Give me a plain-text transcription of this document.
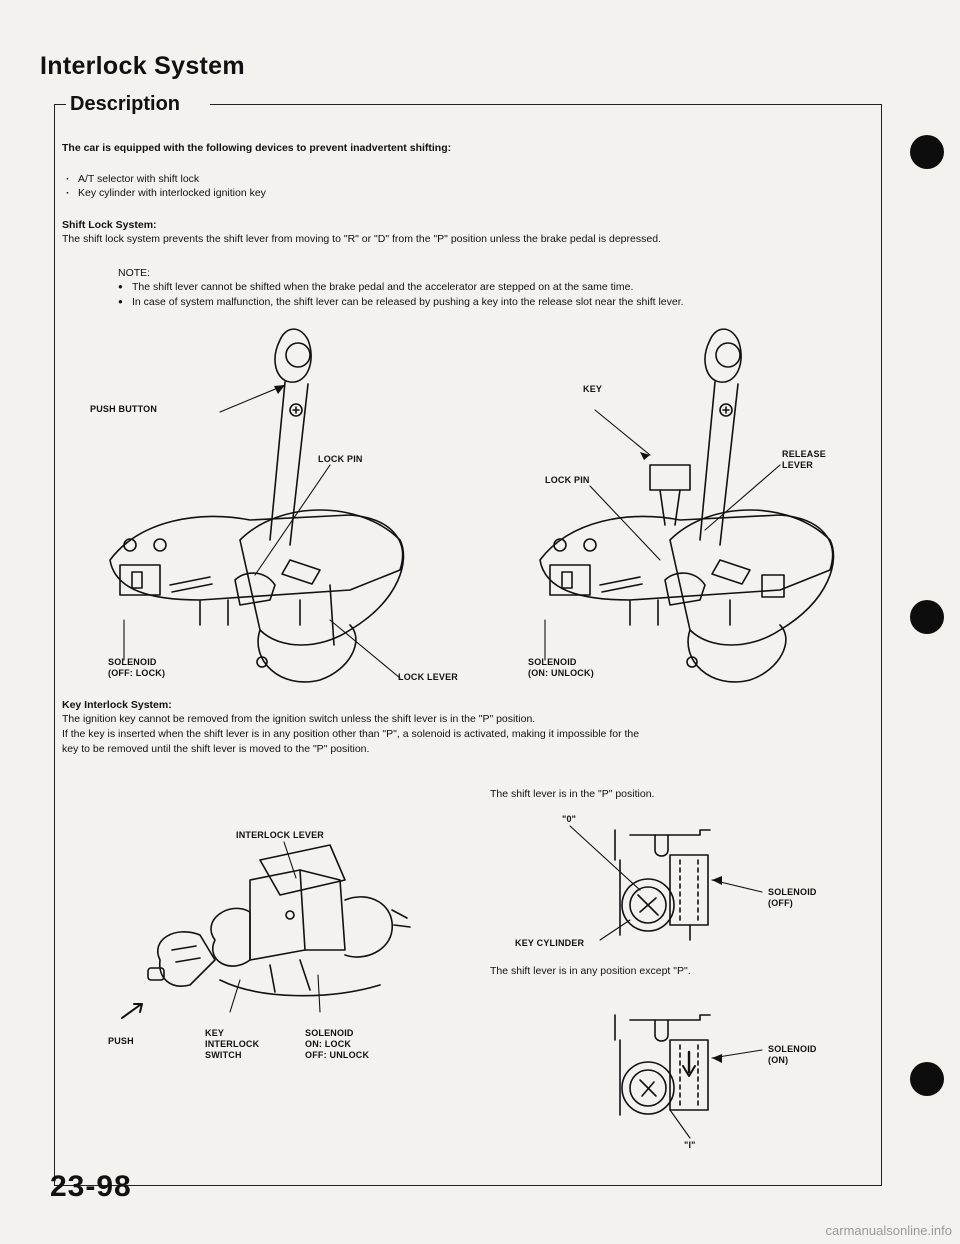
Interlock System
Description
The car is equipped with the following devices to prevent inadvertent shifting:
· A/T selector with shift lock
· Key cylinder with interlocked ignition key
Shift Lock System:
The shift lock system prevents the shift lever from moving to "R" or "D" from the "P" position unless the brake pedal is depressed.
NOTE:
● The shift lever cannot be shifted when the brake pedal and the accelerator are stepped on at the same time.
● In case of system malfunction, the shift lever can be released by pushing a key into the release slot near the shift lever.
PUSH BUTTON
LOCK PIN
SOLENOID
(OFF: LOCK)	LOCK LEVER
KEY
RELEASE
LEVER
LOCK PIN
SOLENOID
(ON: UNLOCK)
Key Interlock System:
The ignition key cannot be removed from the ignition switch unless the shift lever is in the "P" position.
If the key is inserted when the shift lever is in any position other than "P", a solenoid is activated, making it impossible for the
key to be removed until the shift lever is moved to the "P" position.
INTERLOCK LEVER
PUSH
KEY
INTERLOCK
SWITCH
SOLENOID
ON: LOCK
OFF: UNLOCK
The shift lever is in the "P" position.
"0"
SOLENOID
(OFF)
KEY CYLINDER
The shift lever is in any position except "P".
SOLENOID
(ON)
"I"
23-98
carmanualsonline.info
